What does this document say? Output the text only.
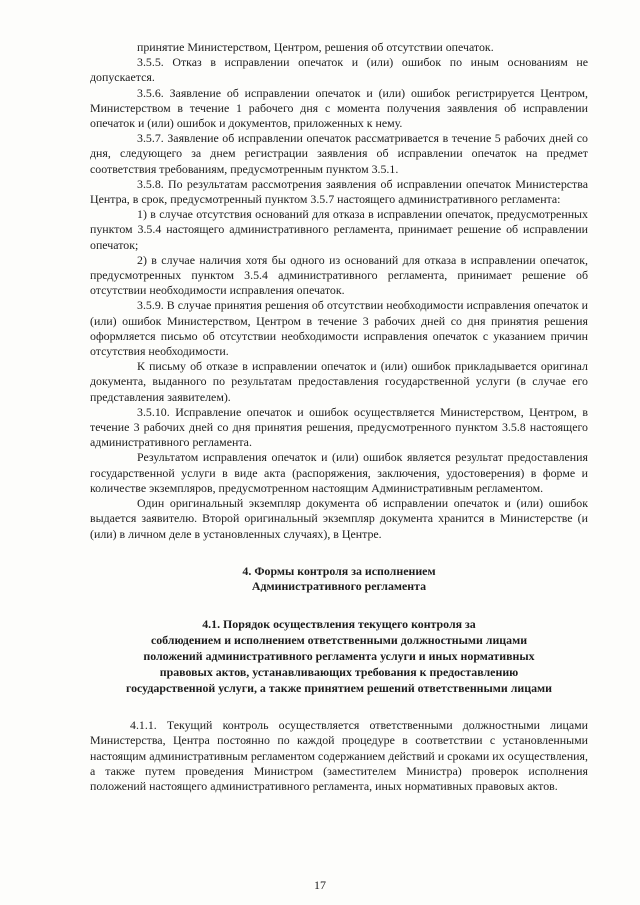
принятие Министерством, Центром, решения об отсутствии опечаток.

3.5.5. Отказ в исправлении опечаток и (или) ошибок по иным основаниям не допускается.

3.5.6. Заявление об исправлении опечаток и (или) ошибок регистрируется Центром, Министерством в течение 1 рабочего дня с момента получения заявления об исправлении опечаток и (или) ошибок и документов, приложенных к нему.

3.5.7. Заявление об исправлении опечаток рассматривается в течение 5 рабочих дней со дня, следующего за днем регистрации заявления об исправлении опечаток на предмет соответствия требованиям, предусмотренным пунктом 3.5.1.

3.5.8. По результатам рассмотрения заявления об исправлении опечаток Министерства Центра, в срок, предусмотренный пунктом 3.5.7 настоящего административного регламента:

1) в случае отсутствия оснований для отказа в исправлении опечаток, предусмотренных пунктом 3.5.4 настоящего административного регламента, принимает решение об исправлении опечаток;

2) в случае наличия хотя бы одного из оснований для отказа в исправлении опечаток, предусмотренных пунктом 3.5.4 административного регламента, принимает решение об отсутствии необходимости исправления опечаток.

3.5.9. В случае принятия решения об отсутствии необходимости исправления опечаток и (или) ошибок Министерством, Центром в течение 3 рабочих дней со дня принятия решения оформляется письмо об отсутствии необходимости исправления опечаток с указанием причин отсутствия необходимости.

К письму об отказе в исправлении опечаток и (или) ошибок прикладывается оригинал документа, выданного по результатам предоставления государственной услуги (в случае его представления заявителем).

3.5.10. Исправление опечаток и ошибок осуществляется Министерством, Центром, в течение 3 рабочих дней со дня принятия решения, предусмотренного пунктом 3.5.8 настоящего административного регламента.

Результатом исправления опечаток и (или) ошибок является результат предоставления государственной услуги в виде акта (распоряжения, заключения, удостоверения) в форме и количестве экземпляров, предусмотренном настоящим Административным регламентом.

Один оригинальный экземпляр документа об исправлении опечаток и (или) ошибок выдается заявителю. Второй оригинальный экземпляр документа хранится в Министерстве (и (или) в личном деле в установленных случаях), в Центре.

4. Формы контроля за исполнением

Административного регламента

4.1. Порядок осуществления текущего контроля за

соблюдением и исполнением ответственными должностными лицами

положений административного регламента услуги и иных нормативных

правовых актов, устанавливающих требования к предоставлению

государственной услуги, а также принятием решений ответственными лицами

4.1.1. Текущий контроль осуществляется ответственными должностными лицами Министерства, Центра постоянно по каждой процедуре в соответствии с установленными настоящим административным регламентом содержанием действий и сроками их осуществления, а также путем проведения Министром (заместителем Министра) проверок исполнения положений настоящего административного регламента, иных нормативных правовых актов.

17
